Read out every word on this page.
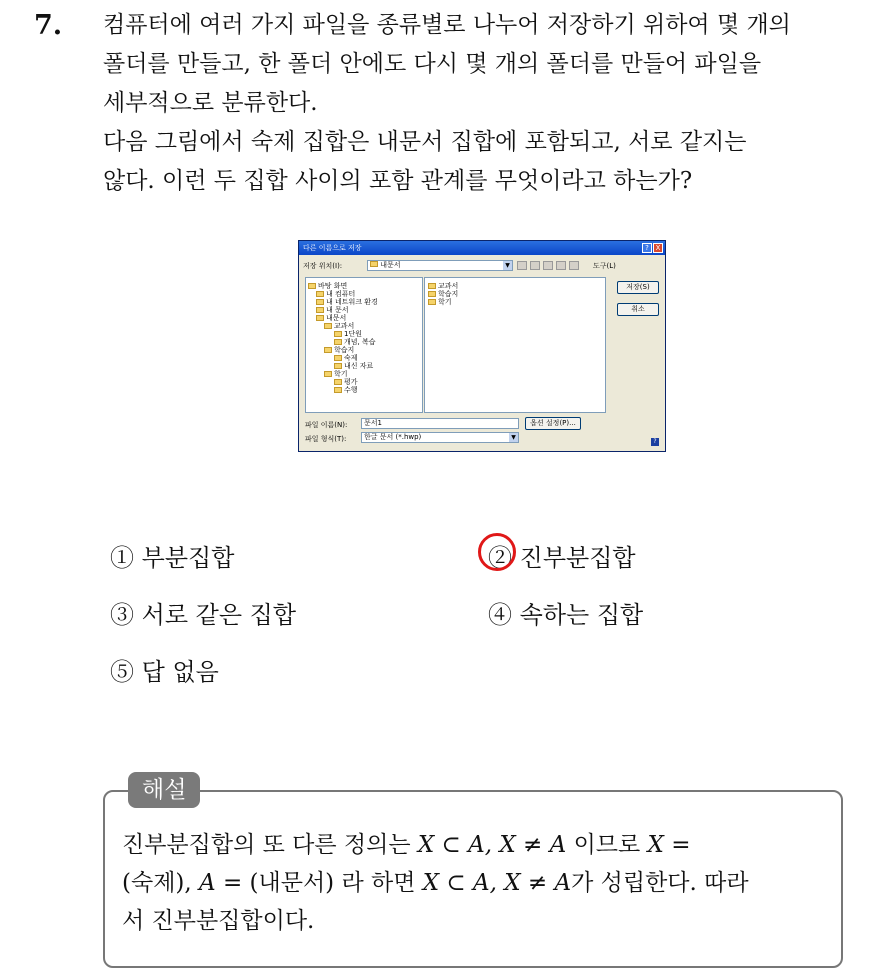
7. 컴퓨터에 여러 가지 파일을 종류별로 나누어 저장하기 위하여 몇 개의

폴더를 만들고, 한 폴더 안에도 다시 몇 개의 폴더를 만들어 파일을

세부적으로 분류한다.

다음 그림에서 숙제 집합은 내문서 집합에 포함되고, 서로 같지는

않다. 이런 두 집합 사이의 포함 관계를 무엇이라고 하는가?

다른 이름으로 저장	? X
저장 위치(I):	내문서	▼	도구(L)
바탕 화면
내 컴퓨터
내 네트워크 환경
내 문서
내문서
교과서
1단원
개념, 복습
학습지
숙제
내신 자료
학기
평가
수행
교과서
학습지
학기
저장(S)
취소
파일 이름(N):	문서1	옵션 설정(P)...
파일 형식(T):	한글 문서 (*.hwp)	▼
?
① 부분집합	② 진부분집합
③ 서로 같은 집합	④ 속하는 집합
⑤ 답 없음
해설

진부분집합의 또 다른 정의는 X ⊂ A, X ≠ A 이므로 X =

(숙제), A = (내문서) 라 하면 X ⊂ A, X ≠ A가 성립한다. 따라

서 진부분집합이다.
